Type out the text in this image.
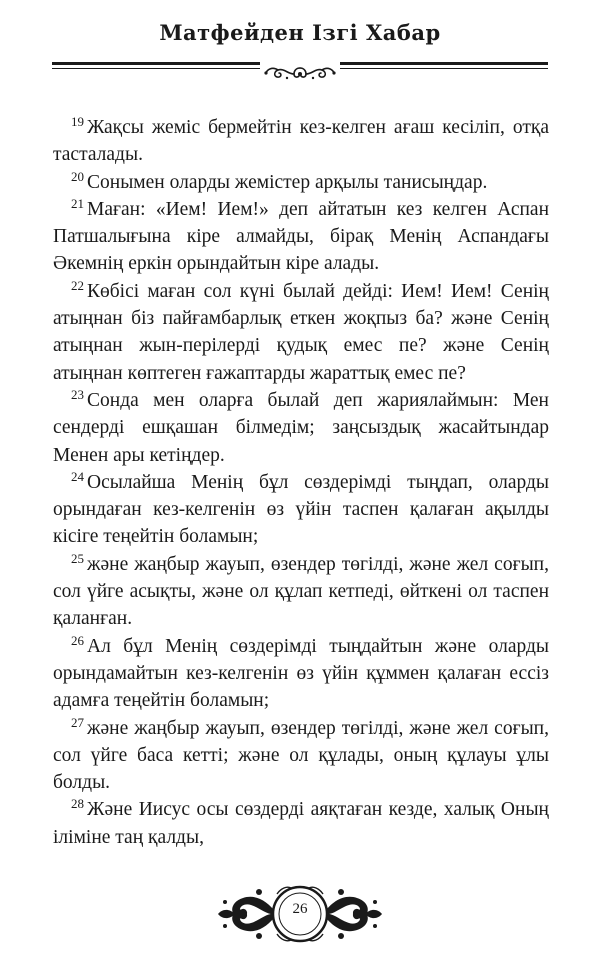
Матфейден Ізгі Хабар

$^{19}$ Жақсы жеміс бермейтін кез-келген ағаш кесіліп, отқа тасталады.

$^{20}$ Сонымен оларды жемістер арқылы танисыңдар.

$^{21}$ Маған: «Ием! Ием!» деп айтатын кез келген Аспан Патшалығына кіре алмайды, бірақ Менің Аспандағы Әкемнің еркін орындайтын кіре алады.

$^{22}$ Көбісі маған сол күні былай дейді: Ием! Ием! Сенің атыңнан біз пайғамбарлық еткен жоқпыз ба? және Сенің атыңнан жын-перілерді қудық емес пе? және Сенің атыңнан көптеген ғажаптарды жараттық емес пе?

$^{23}$ Сонда мен оларға былай деп жариялаймын: Мен сендерді ешқашан білмедім; заңсыздық жасайтындар Менен ары кетіңдер.

$^{24}$ Осылайша Менің бұл сөздерімді тыңдап, оларды орындаған кез-келгенін өз үйін таспен қалаған ақылды кісіге теңейтін боламын;

$^{25}$ және жаңбыр жауып, өзендер төгілді, және жел соғып, сол үйге асықты, және ол құлап кетпеді, өйткені ол таспен қаланған.

$^{26}$ Ал бұл Менің сөздерімді тыңдайтын және оларды орындамайтын кез-келгенін өз үйін құммен қалаған ессіз адамға теңейтін боламын;

$^{27}$ және жаңбыр жауып, өзендер төгілді, және жел соғып, сол үйге баса кетті; және ол құлады, оның құлауы ұлы болды.

$^{28}$ Және Иисус осы сөздерді аяқтаған кезде, халық Оның іліміне таң қалды,

26
